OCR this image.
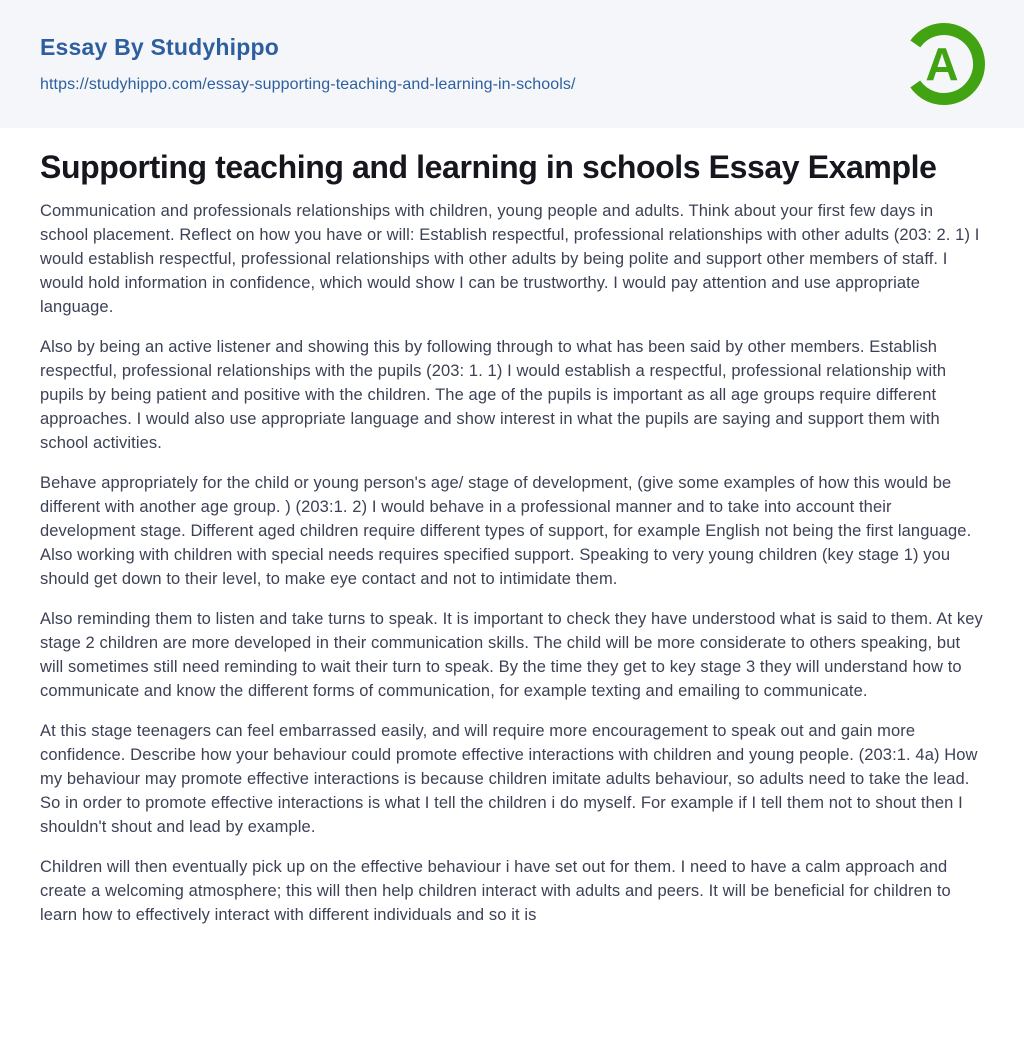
Essay By Studyhippo
https://studyhippo.com/essay-supporting-teaching-and-learning-in-schools/	A
Supporting teaching and learning in schools Essay Example

Communication and professionals relationships with children, young people and adults. Think about your first few days in school placement. Reflect on how you have or will: Establish respectful, professional relationships with other adults (203: 2. 1) I would establish respectful, professional relationships with other adults by being polite and support other members of staff. I would hold information in confidence, which would show I can be trustworthy. I would pay attention and use appropriate language.

Also by being an active listener and showing this by following through to what has been said by other members. Establish respectful, professional relationships with the pupils (203: 1. 1) I would establish a respectful, professional relationship with pupils by being patient and positive with the children. The age of the pupils is important as all age groups require different approaches. I would also use appropriate language and show interest in what the pupils are saying and support them with school activities.

Behave appropriately for the child or young person's age/ stage of development, (give some examples of how this would be different with another age group. ) (203:1. 2) I would behave in a professional manner and to take into account their development stage. Different aged children require different types of support, for example English not being the first language. Also working with children with special needs requires specified support. Speaking to very young children (key stage 1) you should get down to their level, to make eye contact and not to intimidate them.

Also reminding them to listen and take turns to speak. It is important to check they have understood what is said to them. At key stage 2 children are more developed in their communication skills. The child will be more considerate to others speaking, but will sometimes still need reminding to wait their turn to speak. By the time they get to key stage 3 they will understand how to communicate and know the different forms of communication, for example texting and emailing to communicate.

At this stage teenagers can feel embarrassed easily, and will require more encouragement to speak out and gain more confidence. Describe how your behaviour could promote effective interactions with children and young people. (203:1. 4a) How my behaviour may promote effective interactions is because children imitate adults behaviour, so adults need to take the lead. So in order to promote effective interactions is what I tell the children i do myself. For example if I tell them not to shout then I shouldn't shout and lead by example.

Children will then eventually pick up on the effective behaviour i have set out for them. I need to have a calm approach and create a welcoming atmosphere; this will then help children interact with adults and peers. It will be beneficial for children to learn how to effectively interact with different individuals and so it is
